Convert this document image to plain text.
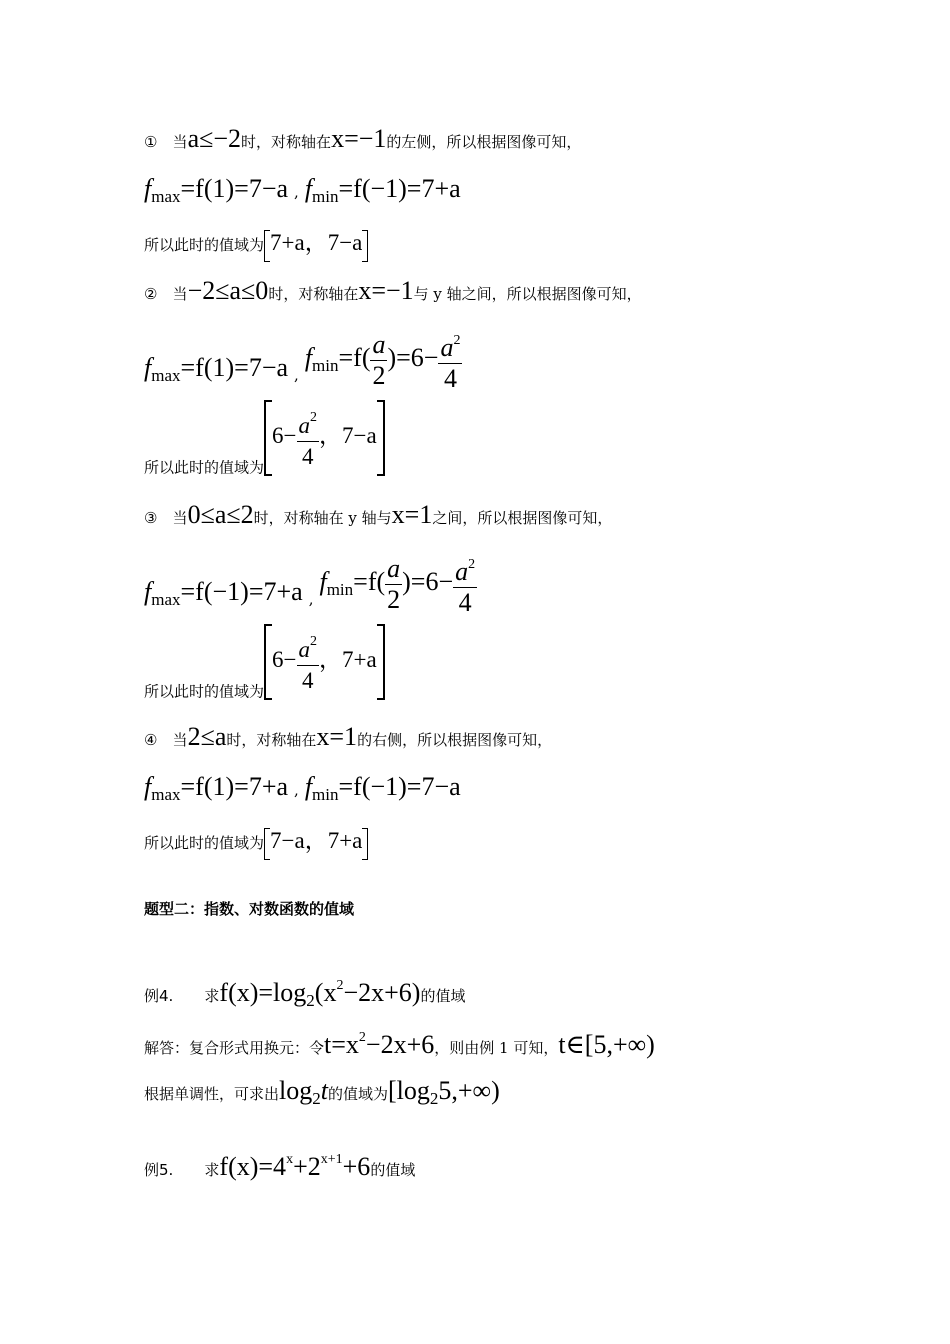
① 当a≤−2时，对称轴在x=−1的左侧，所以根据图像可知，
$f_{max}=f(1)=7-a$ , $f_{min}=f(-1)=7+a$
所以此时的值域为 7+a，7−a
② 当−2≤a≤0时，对称轴在x=−1与 y 轴之间，所以根据图像可知，
$f_{max}=f(1)=7-a$ $,f_{min}=f( \frac{a}{2} )=6- \frac{a^2}{4}$
所以此时的值域为$6- \frac{a^2}{4}$ ，7−a
③ 当0≤a≤2时，对称轴在 y 轴与x=1之间，所以根据图像可知，
$f_{max}=f(-1)=7+a$ $,f_{min}=f( \frac{a}{2} )=6- \frac{a^2}{4}$
所以此时的值域为$6- \frac{a^2}{4}$ ，7+a
④ 当2≤a时，对称轴在x=1的右侧，所以根据图像可知，
$f_{max}=f(1)=7+a$ , $f_{min}=f(-1)=7-a$
所以此时的值域为 7−a，7+a
题型二：指数、对数函数的值域
例4. 求$f(x)=\log_2(x^2-2x+6)$的值域
解答：复合形式用换元：令$t=x^2-2x+6$，则由例 1 可知，t∈[5,+∞)
根据单调性，可求出$\log_2t$的值域为$[\log_25,+\infty)$
例5. 求$f(x)=4^x+2^{x+1}+6$的值域
